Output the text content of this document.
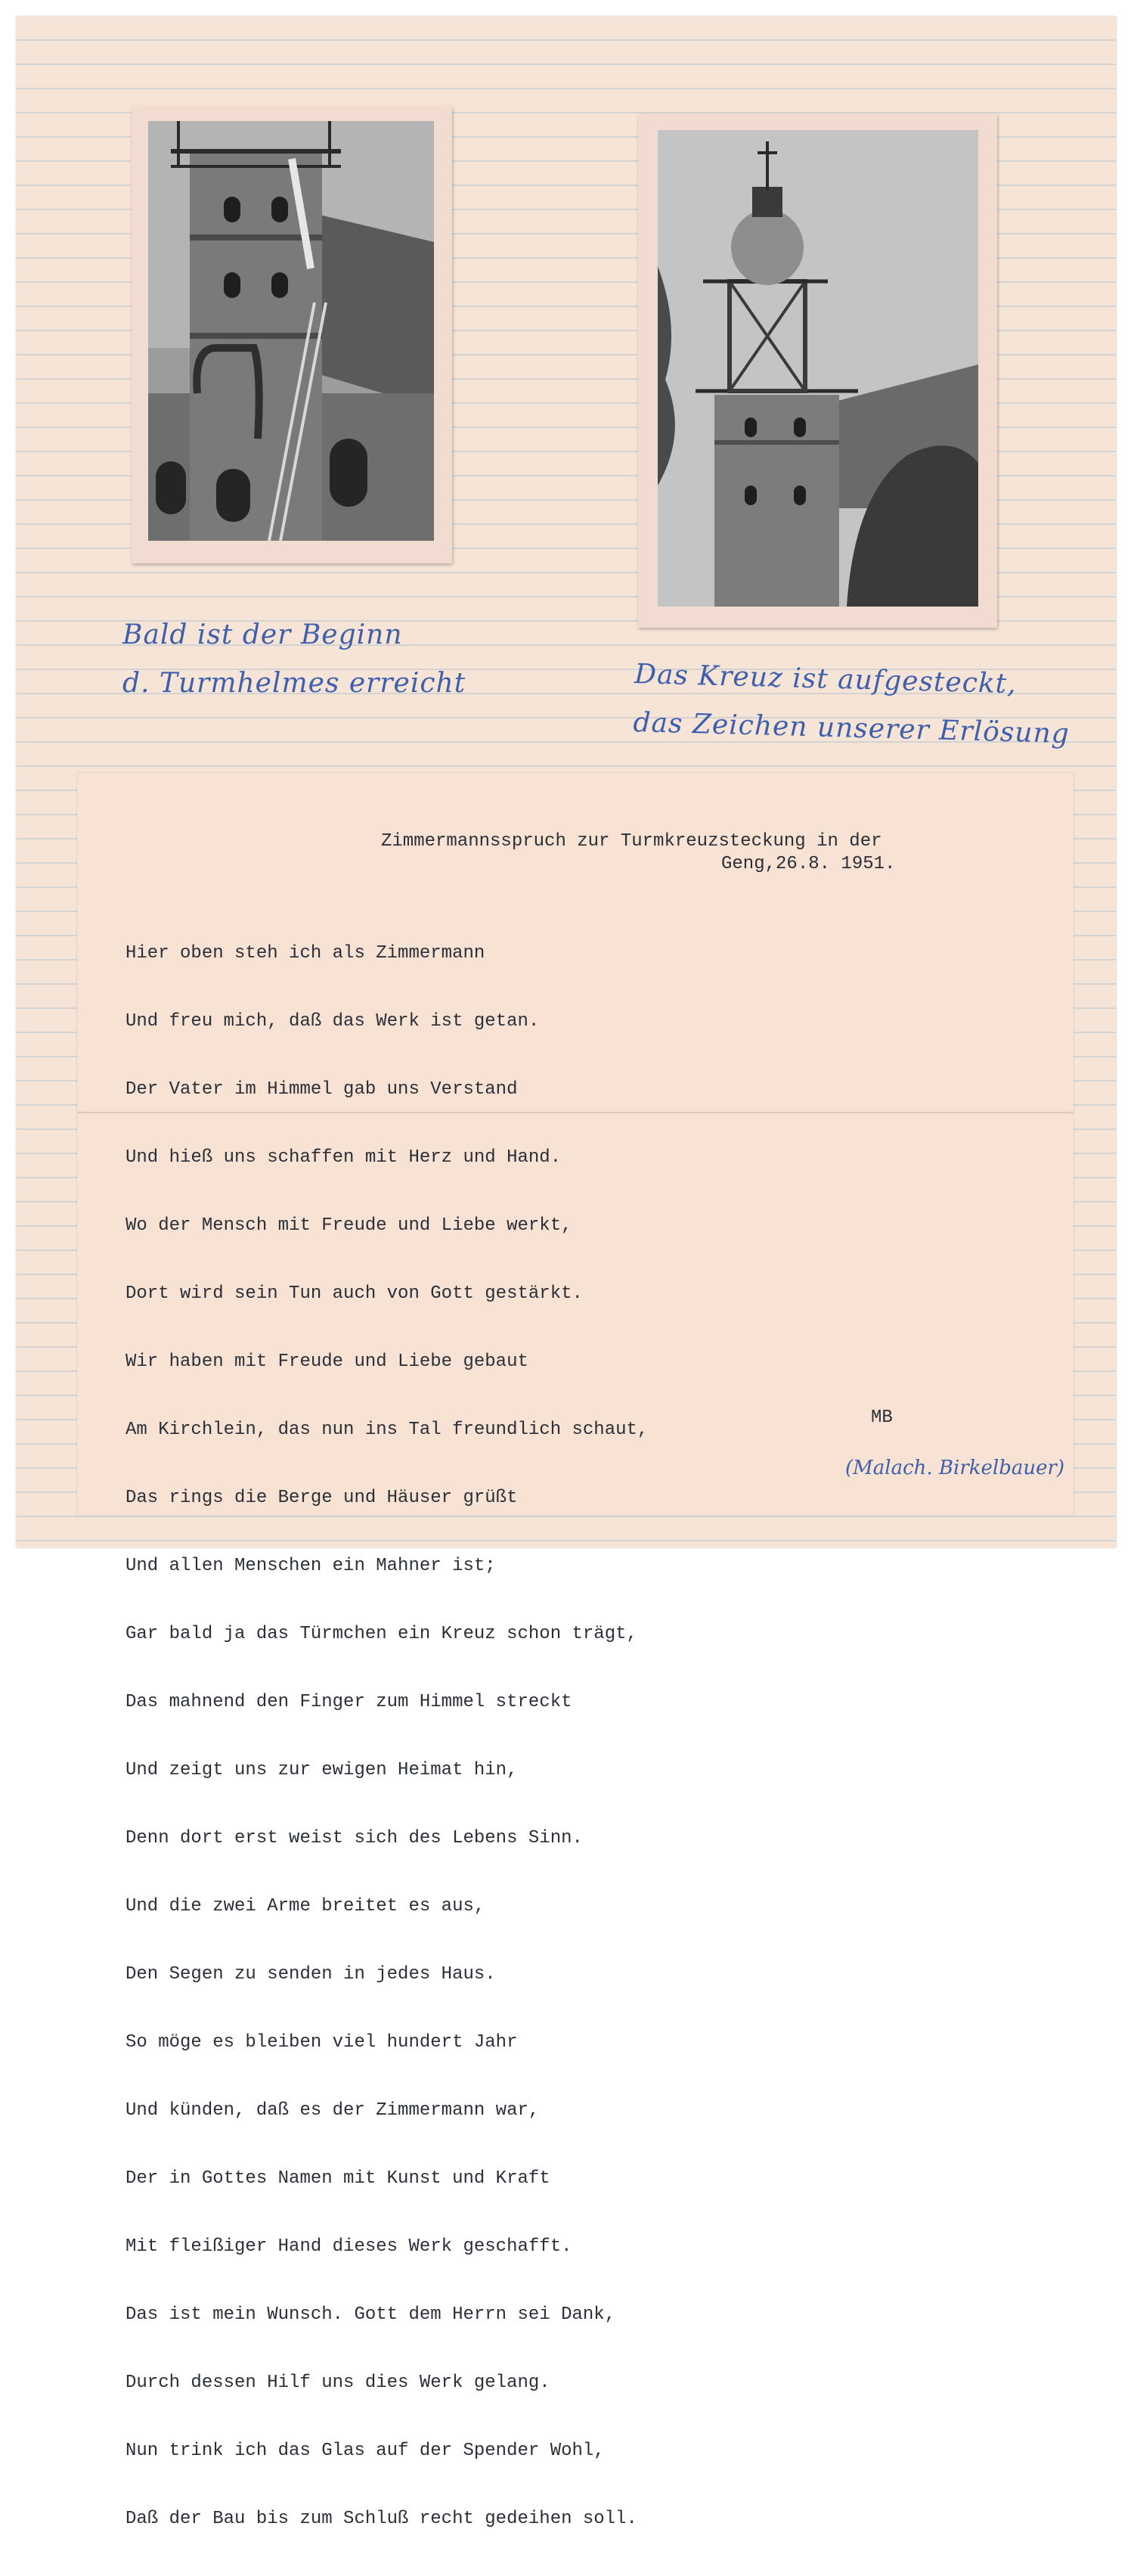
Bald ist der Beginn
d. Turmhelmes erreicht	Das Kreuz ist aufgesteckt,
das Zeichen unserer Erlösung

Zimmermannsspruch zur Turmkreuzsteckung in der

Geng,26.8. 1951.

Hier oben steh ich als Zimmermann

Und freu mich, daß das Werk ist getan.

Der Vater im Himmel gab uns Verstand

Und hieß uns schaffen mit Herz und Hand.

Wo der Mensch mit Freude und Liebe werkt,

Dort wird sein Tun auch von Gott gestärkt.

Wir haben mit Freude und Liebe gebaut

Am Kirchlein, das nun ins Tal freundlich schaut,

Das rings die Berge und Häuser grüßt

Und allen Menschen ein Mahner ist;

Gar bald ja das Türmchen ein Kreuz schon trägt,

Das mahnend den Finger zum Himmel streckt

Und zeigt uns zur ewigen Heimat hin,

Denn dort erst weist sich des Lebens Sinn.

Und die zwei Arme breitet es aus,

Den Segen zu senden in jedes Haus.

So möge es bleiben viel hundert Jahr

Und künden, daß es der Zimmermann war,

Der in Gottes Namen mit Kunst und Kraft

Mit fleißiger Hand dieses Werk geschafft.

Das ist mein Wunsch. Gott dem Herrn sei Dank,

Durch dessen Hilf uns dies Werk gelang.

Nun trink ich das Glas auf der Spender Wohl,

Daß der Bau bis zum Schluß recht gedeihen soll.

MB

(Malach. Birkelbauer)
